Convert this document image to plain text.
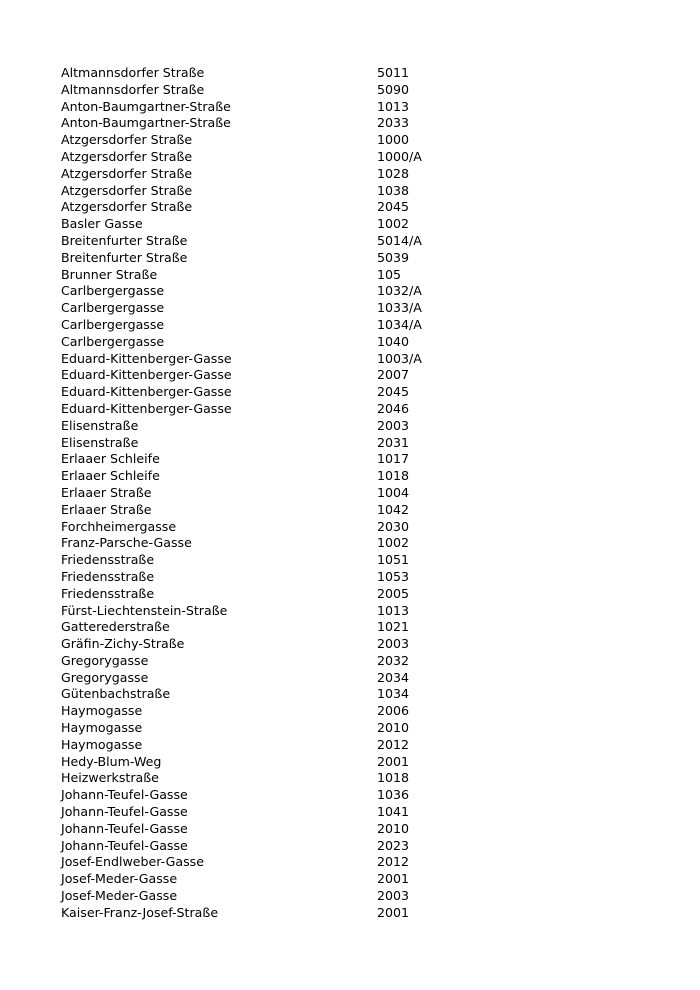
Altmannsdorfer Straße	5011
Altmannsdorfer Straße	5090
Anton-Baumgartner-Straße	1013
Anton-Baumgartner-Straße	2033
Atzgersdorfer Straße	1000
Atzgersdorfer Straße	1000/A
Atzgersdorfer Straße	1028
Atzgersdorfer Straße	1038
Atzgersdorfer Straße	2045
Basler Gasse	1002
Breitenfurter Straße	5014/A
Breitenfurter Straße	5039
Brunner Straße	105
Carlbergergasse	1032/A
Carlbergergasse	1033/A
Carlbergergasse	1034/A
Carlbergergasse	1040
Eduard-Kittenberger-Gasse	1003/A
Eduard-Kittenberger-Gasse	2007
Eduard-Kittenberger-Gasse	2045
Eduard-Kittenberger-Gasse	2046
Elisenstraße	2003
Elisenstraße	2031
Erlaaer Schleife	1017
Erlaaer Schleife	1018
Erlaaer Straße	1004
Erlaaer Straße	1042
Forchheimergasse	2030
Franz-Parsche-Gasse	1002
Friedensstraße	1051
Friedensstraße	1053
Friedensstraße	2005
Fürst-Liechtenstein-Straße	1013
Gatterederstraße	1021
Gräfin-Zichy-Straße	2003
Gregorygasse	2032
Gregorygasse	2034
Gütenbachstraße	1034
Haymogasse	2006
Haymogasse	2010
Haymogasse	2012
Hedy-Blum-Weg	2001
Heizwerkstraße	1018
Johann-Teufel-Gasse	1036
Johann-Teufel-Gasse	1041
Johann-Teufel-Gasse	2010
Johann-Teufel-Gasse	2023
Josef-Endlweber-Gasse	2012
Josef-Meder-Gasse	2001
Josef-Meder-Gasse	2003
Kaiser-Franz-Josef-Straße	2001
